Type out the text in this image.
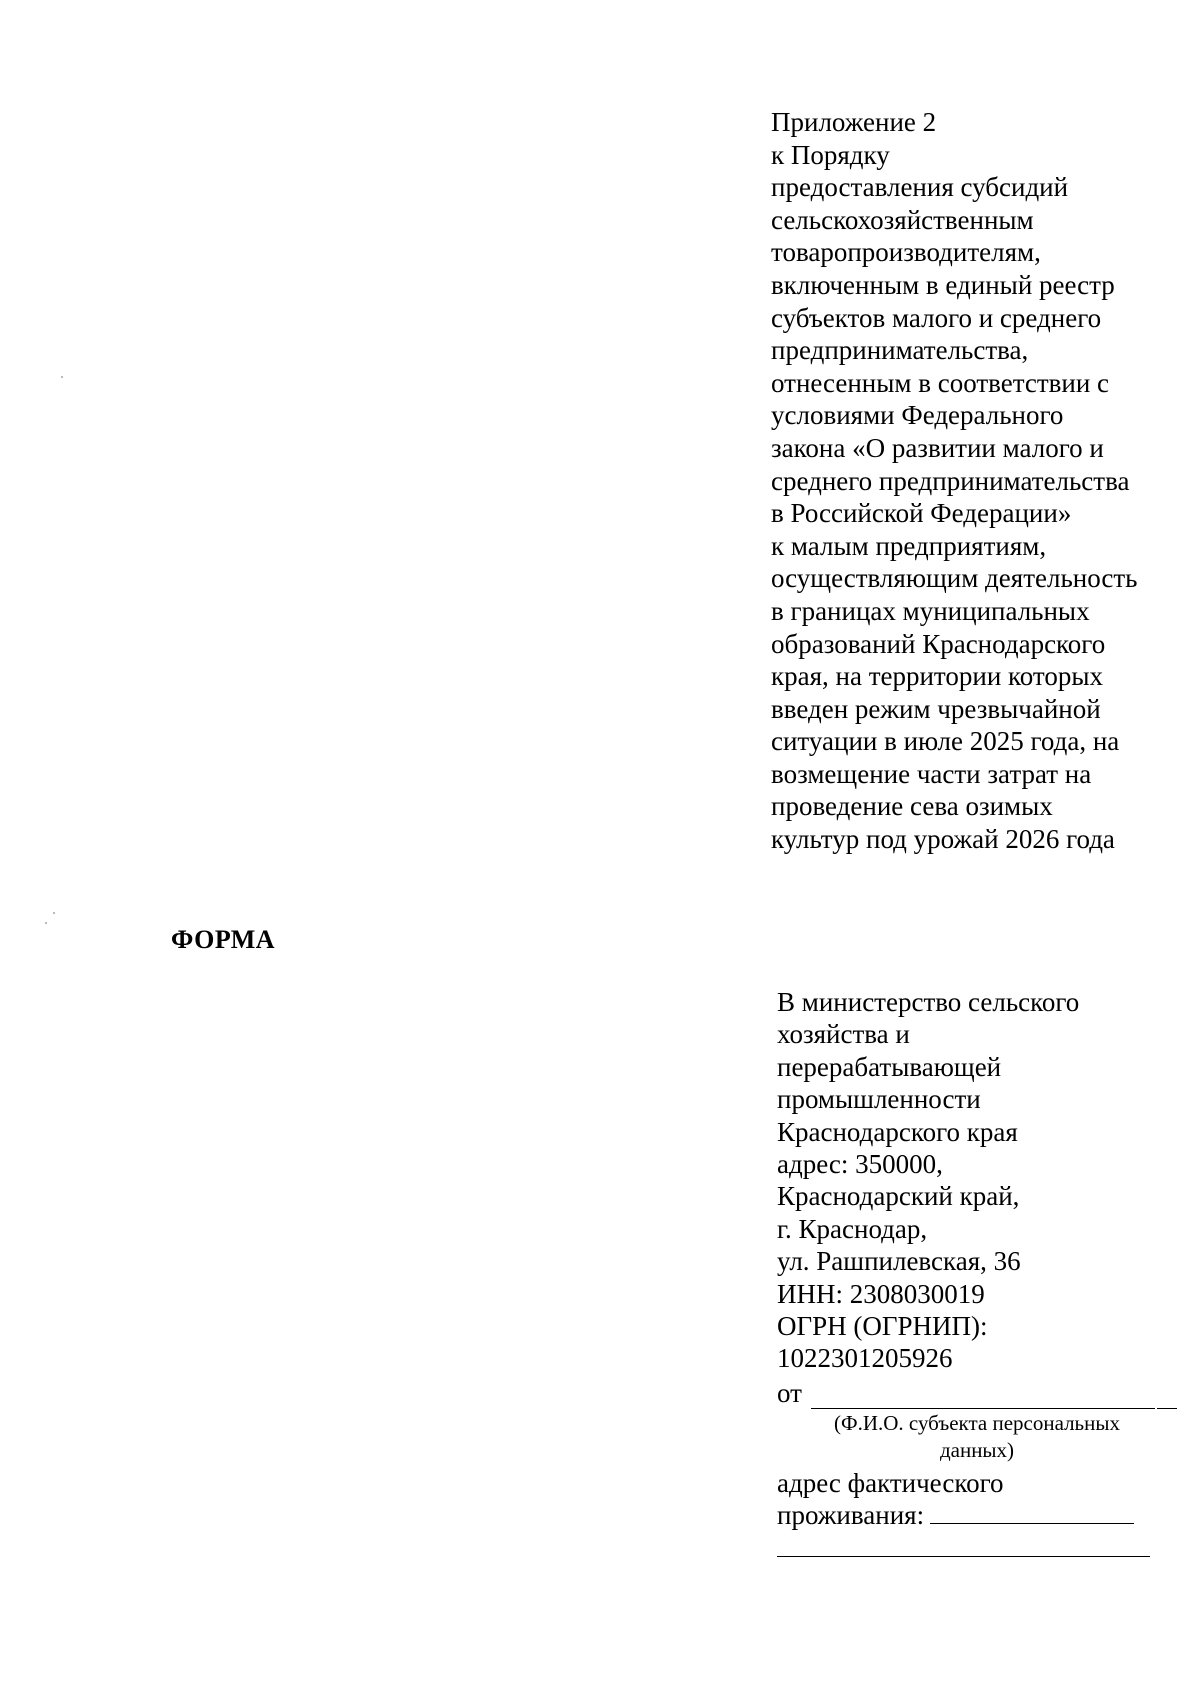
Приложение 2
к Порядку
предоставления субсидий
сельскохозяйственным
товаропроизводителям,
включенным в единый реестр
субъектов малого и среднего
предпринимательства,
отнесенным в соответствии с
условиями Федерального
закона «О развитии малого и
среднего предпринимательства
в Российской Федерации»
к малым предприятиям,
осуществляющим деятельность
в границах муниципальных
образований Краснодарского
края, на территории которых
введен режим чрезвычайной
ситуации в июле 2025 года, на
возмещение части затрат на
проведение сева озимых
культур под урожай 2026 года
ФОРМА
В министерство сельского
хозяйства и
перерабатывающей
промышленности
Краснодарского края
адрес: 350000,
Краснодарский край,
г. Краснодар,
ул. Рашпилевская, 36
ИНН: 2308030019
ОГРН (ОГРНИП):
1022301205926
от
(Ф.И.О. субъекта персональных
данных)
адрес фактического
проживания:
